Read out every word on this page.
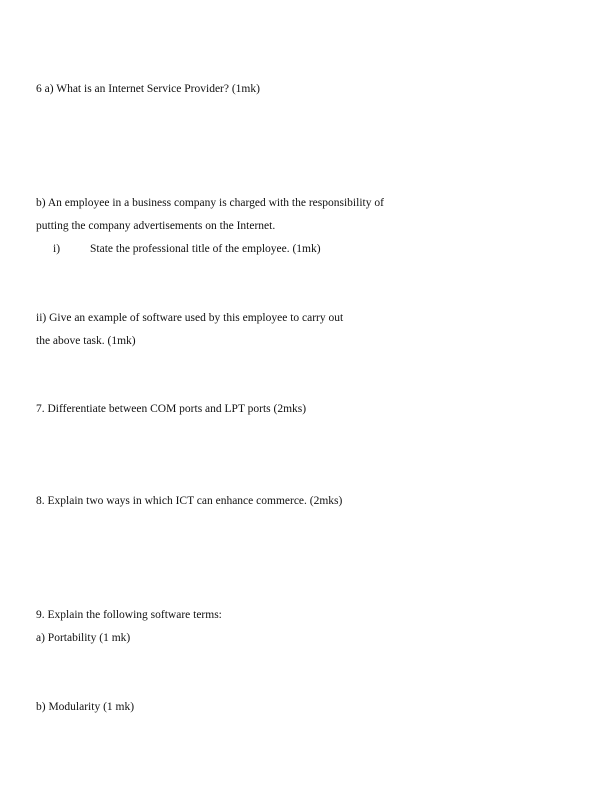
6 a) What is an Internet Service Provider? (1mk)
b) An employee in a business company is charged with the responsibility of
putting the company advertisements on the Internet.
i)	State the professional title of the employee. (1mk)
ii) Give an example of software used by this employee to carry out
the above task. (1mk)
7. Differentiate between COM ports and LPT ports (2mks)
8. Explain two ways in which ICT can enhance commerce. (2mks)
9. Explain the following software terms:
a) Portability (1 mk)
b) Modularity (1 mk)
